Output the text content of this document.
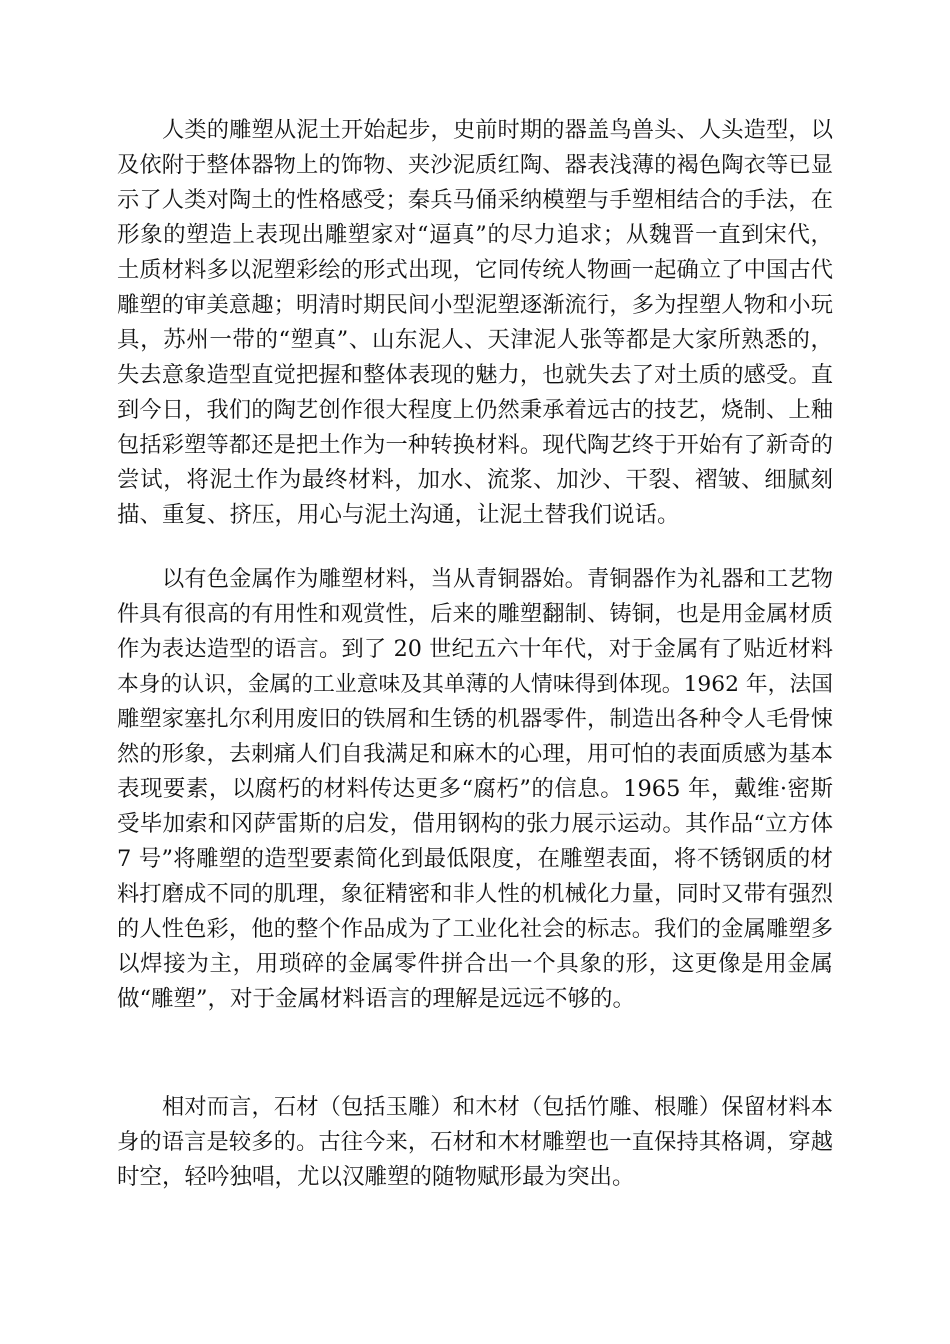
人类的雕塑从泥土开始起步，史前时期的器盖鸟兽头、人头造型，以
及依附于整体器物上的饰物、夹沙泥质红陶、器表浅薄的褐色陶衣等已显
示了人类对陶土的性格感受；秦兵马俑采纳模塑与手塑相结合的手法，在
形象的塑造上表现出雕塑家对“逼真”的尽力追求；从魏晋一直到宋代，
土质材料多以泥塑彩绘的形式出现，它同传统人物画一起确立了中国古代
雕塑的审美意趣；明清时期民间小型泥塑逐渐流行，多为捏塑人物和小玩
具，苏州一带的“塑真”、山东泥人、天津泥人张等都是大家所熟悉的，
失去意象造型直觉把握和整体表现的魅力，也就失去了对土质的感受。直
到今日，我们的陶艺创作很大程度上仍然秉承着远古的技艺，烧制、上釉
包括彩塑等都还是把土作为一种转换材料。现代陶艺终于开始有了新奇的
尝试，将泥土作为最终材料，加水、流浆、加沙、干裂、褶皱、细腻刻
描、重复、挤压，用心与泥土沟通，让泥土替我们说话。
以有色金属作为雕塑材料，当从青铜器始。青铜器作为礼器和工艺物
件具有很高的有用性和观赏性，后来的雕塑翻制、铸铜，也是用金属材质
作为表达造型的语言。到了 20 世纪五六十年代，对于金属有了贴近材料
本身的认识，金属的工业意味及其单薄的人情味得到体现。1962 年，法国
雕塑家塞扎尔利用废旧的铁屑和生锈的机器零件，制造出各种令人毛骨悚
然的形象，去刺痛人们自我满足和麻木的心理，用可怕的表面质感为基本
表现要素，以腐朽的材料传达更多“腐朽”的信息。1965 年，戴维·密斯
受毕加索和冈萨雷斯的启发，借用钢构的张力展示运动。其作品“立方体
7 号”将雕塑的造型要素简化到最低限度，在雕塑表面，将不锈钢质的材
料打磨成不同的肌理，象征精密和非人性的机械化力量，同时又带有强烈
的人性色彩，他的整个作品成为了工业化社会的标志。我们的金属雕塑多
以焊接为主，用琐碎的金属零件拼合出一个具象的形，这更像是用金属
做“雕塑”，对于金属材料语言的理解是远远不够的。
相对而言，石材（包括玉雕）和木材（包括竹雕、根雕）保留材料本
身的语言是较多的。古往今来，石材和木材雕塑也一直保持其格调，穿越
时空，轻吟独唱，尤以汉雕塑的随物赋形最为突出。
